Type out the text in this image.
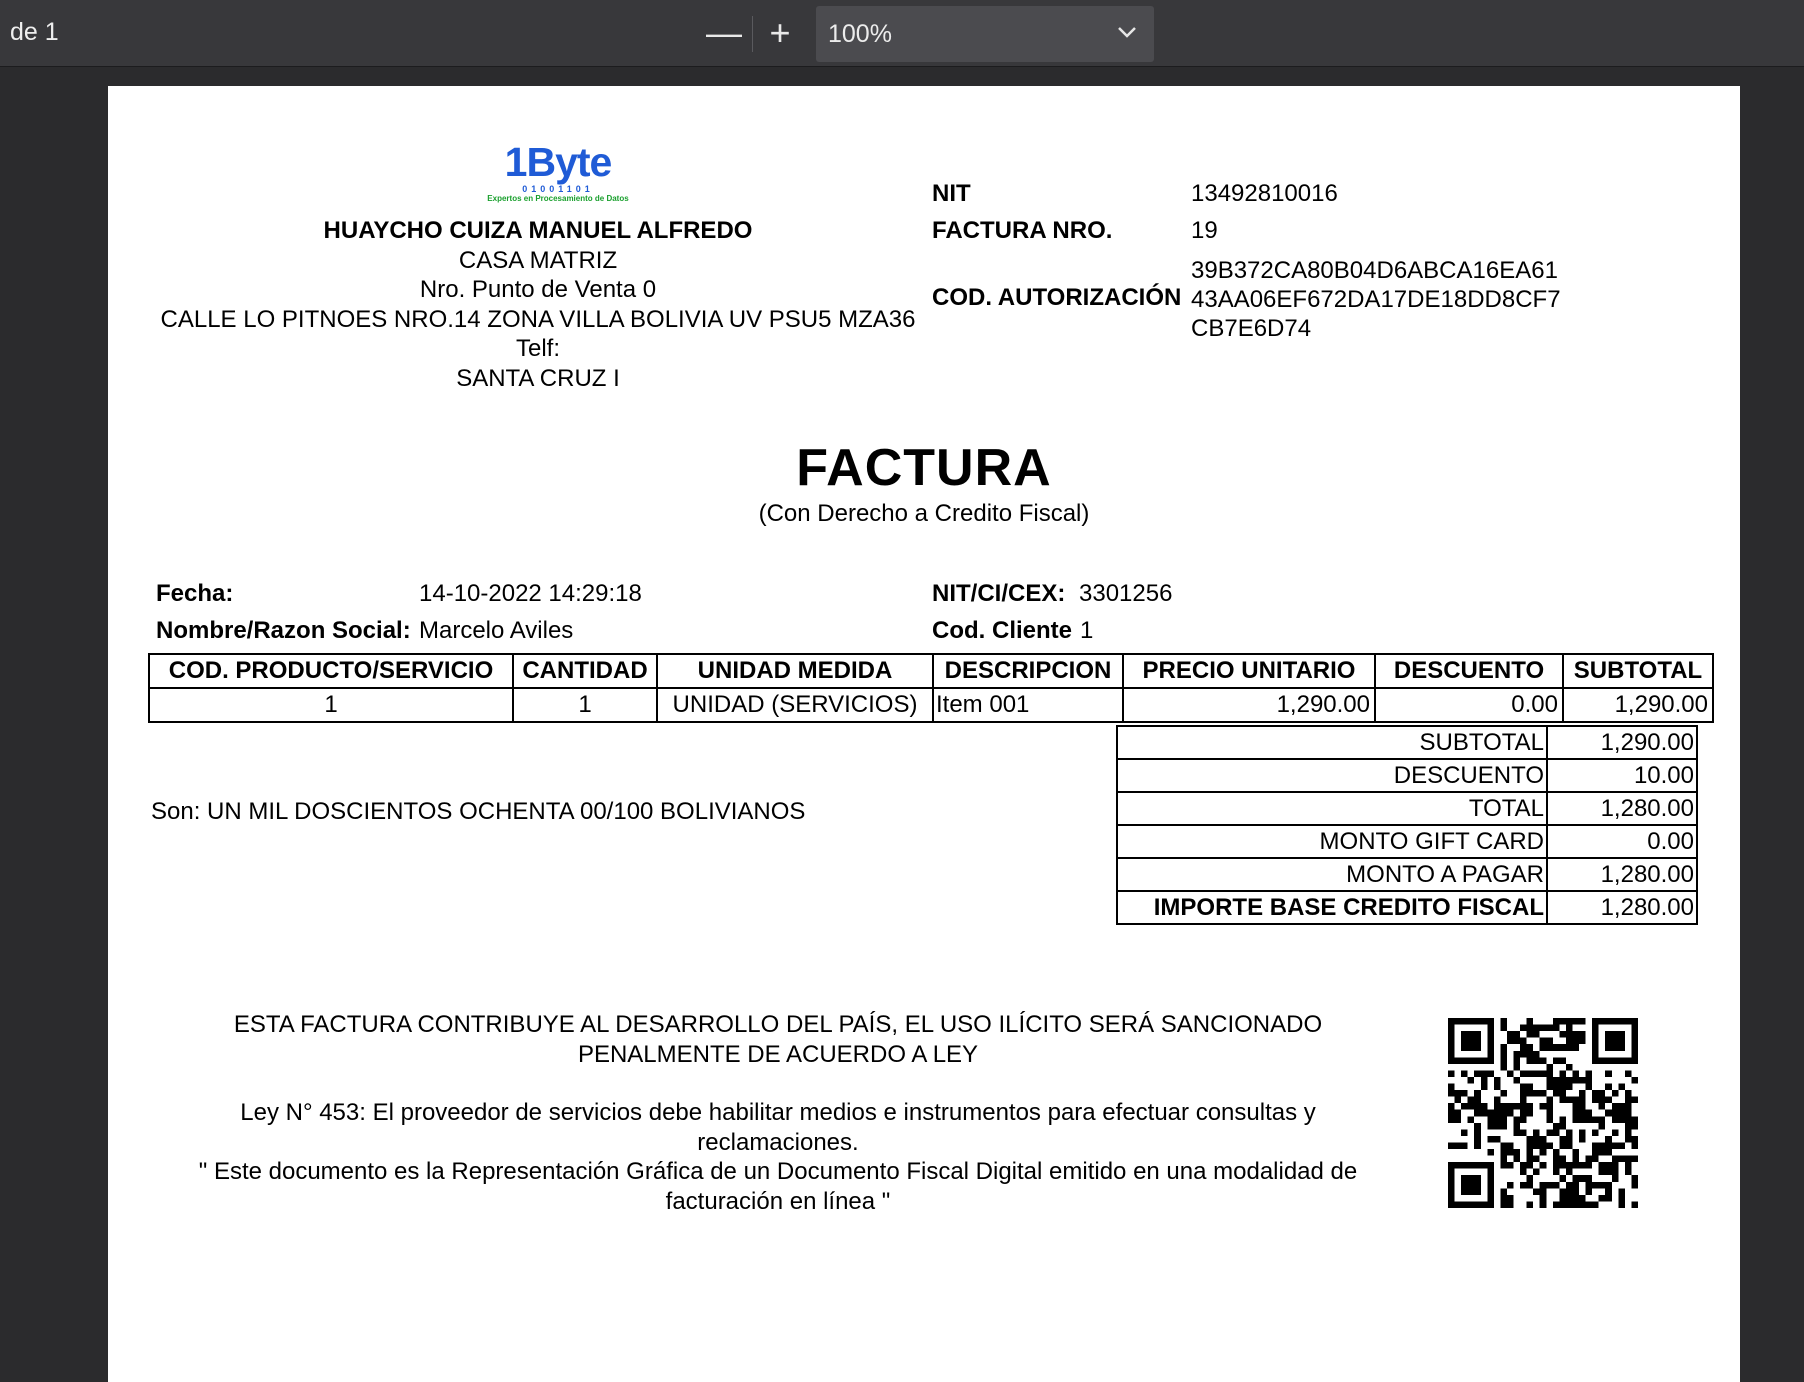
de 1	— +	100%
1Byte
01001101
Expertos en Procesamiento de Datos
HUAYCHO CUIZA MANUEL ALFREDO
CASA MATRIZ
Nro. Punto de Venta 0
CALLE LO PITNOES NRO.14 ZONA VILLA BOLIVIA UV PSU5 MZA36
Telf:
SANTA CRUZ I
NIT	13492810016
FACTURA NRO.	19
COD. AUTORIZACIÓN
39B372CA80B04D6ABCA16EA61
43AA06EF672DA17DE18DD8CF7
CB7E6D74
FACTURA
(Con Derecho a Credito Fiscal)
Fecha:	14-10-2022 14:29:18
Nombre/Razon Social: Marcelo Aviles
NIT/CI/CEX: 3301256
Cod. Cliente 1
COD. PRODUCTO/SERVICIO	CANTIDAD	UNIDAD MEDIDA	DESCRIPCION	PRECIO UNITARIO	DESCUENTO	SUBTOTAL
1	1	UNIDAD (SERVICIOS)	Item 001	1,290.00	0.00	1,290.00
SUBTOTAL	1,290.00
DESCUENTO	10.00
TOTAL	1,280.00
MONTO GIFT CARD	0.00
MONTO A PAGAR	1,280.00
IMPORTE BASE CREDITO FISCAL	1,280.00
Son: UN MIL DOSCIENTOS OCHENTA 00/100 BOLIVIANOS
ESTA FACTURA CONTRIBUYE AL DESARROLLO DEL PAÍS, EL USO ILÍCITO SERÁ SANCIONADO
PENALMENTE DE ACUERDO A LEY
Ley N° 453: El proveedor de servicios debe habilitar medios e instrumentos para efectuar consultas y
reclamaciones.
" Este documento es la Representación Gráfica de un Documento Fiscal Digital emitido en una modalidad de
facturación en línea "
